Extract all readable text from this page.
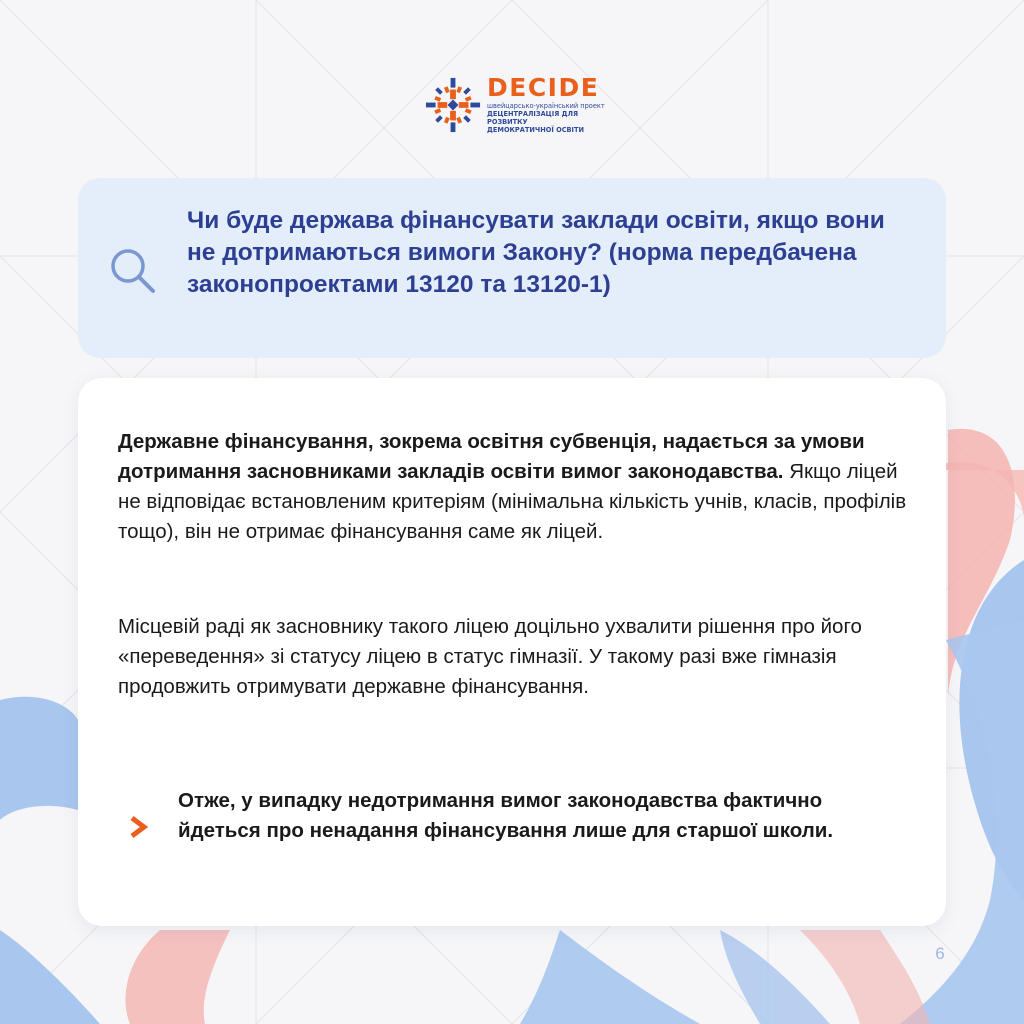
DECIDE
швейцарсько-український проект
ДЕЦЕНТРАЛІЗАЦІЯ ДЛЯ РОЗВИТКУ
ДЕМОКРАТИЧНОЇ ОСВІТИ
Чи буде держава фінансувати заклади освіти, якщо вони не дотримаються вимоги Закону? (норма передбачена законопроектами 13120 та 13120-1)
Державне фінансування, зокрема освітня субвенція, надається за умови дотримання засновниками закладів освіти вимог законодавства. Якщо ліцей не відповідає встановленим критеріям (мінімальна кількість учнів, класів, профілів тощо), він не отримає фінансування саме як ліцей.
Місцевій раді як засновнику такого ліцею доцільно ухвалити рішення про його «переведення» зі статусу ліцею в статус гімназії. У такому разі вже гімназія продовжить отримувати державне фінансування.
Отже, у випадку недотримання вимог законодавства фактично йдеться про ненадання фінансування лише для старшої школи.
6
